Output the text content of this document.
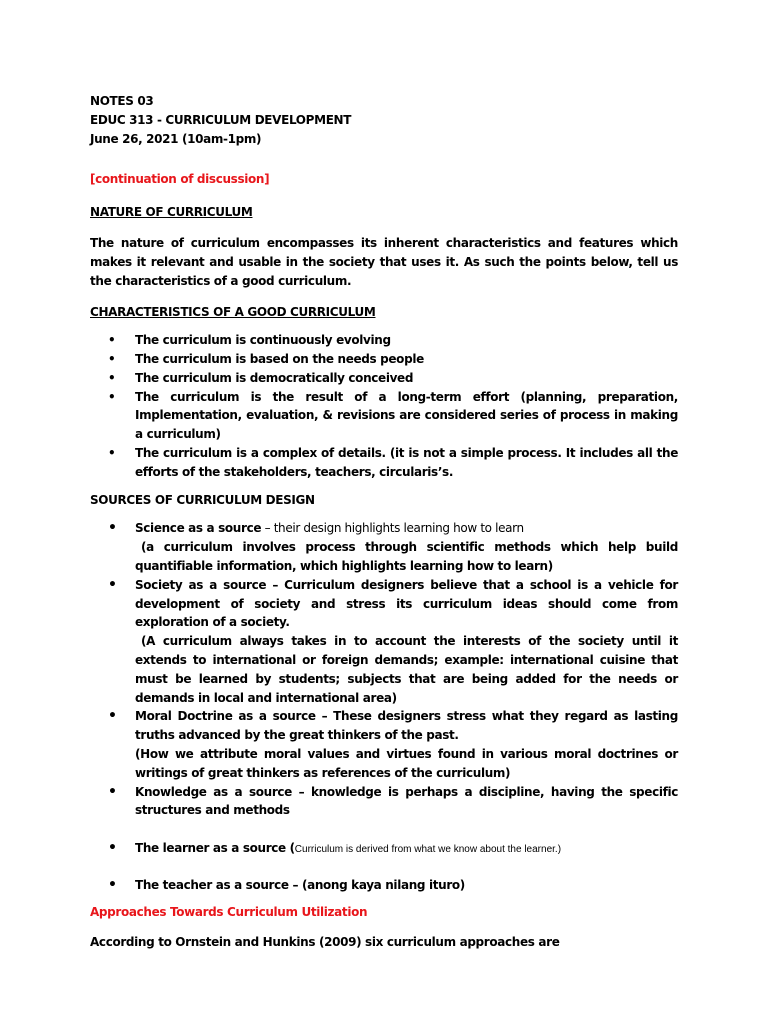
NOTES 03

EDUC 313 - CURRICULUM DEVELOPMENT

June 26, 2021 (10am-1pm)

[continuation of discussion]

NATURE OF CURRICULUM

The nature of curriculum encompasses its inherent characteristics and features which makes it relevant and usable in the society that uses it. As such the points below, tell us the characteristics of a good curriculum.

CHARACTERISTICS OF A GOOD CURRICULUM

• The curriculum is continuously evolving
• The curriculum is based on the needs people
• The curriculum is democratically conceived
• The curriculum is the result of a long-term effort (planning, preparation, Implementation, evaluation, & revisions are considered series of process in making a curriculum)
• The curriculum is a complex of details. (it is not a simple process. It includes all the efforts of the stakeholders, teachers, circularis’s.

SOURCES OF CURRICULUM DESIGN

• Science as a source – their design highlights learning how to learn
(a curriculum involves process through scientific methods which help build quantifiable information, which highlights learning how to learn)
• Society as a source – Curriculum designers believe that a school is a vehicle for development of society and stress its curriculum ideas should come from exploration of a society.
(A curriculum always takes in to account the interests of the society until it extends to international or foreign demands; example: international cuisine that must be learned by students; subjects that are being added for the needs or demands in local and international area)
• Moral Doctrine as a source – These designers stress what they regard as lasting truths advanced by the great thinkers of the past.
(How we attribute moral values and virtues found in various moral doctrines or writings of great thinkers as references of the curriculum)
• Knowledge as a source – knowledge is perhaps a discipline, having the specific structures and methods
• The learner as a source (Curriculum is derived from what we know about the learner.)
• The teacher as a source – (anong kaya nilang ituro)

Approaches Towards Curriculum Utilization

According to Ornstein and Hunkins (2009) six curriculum approaches are
